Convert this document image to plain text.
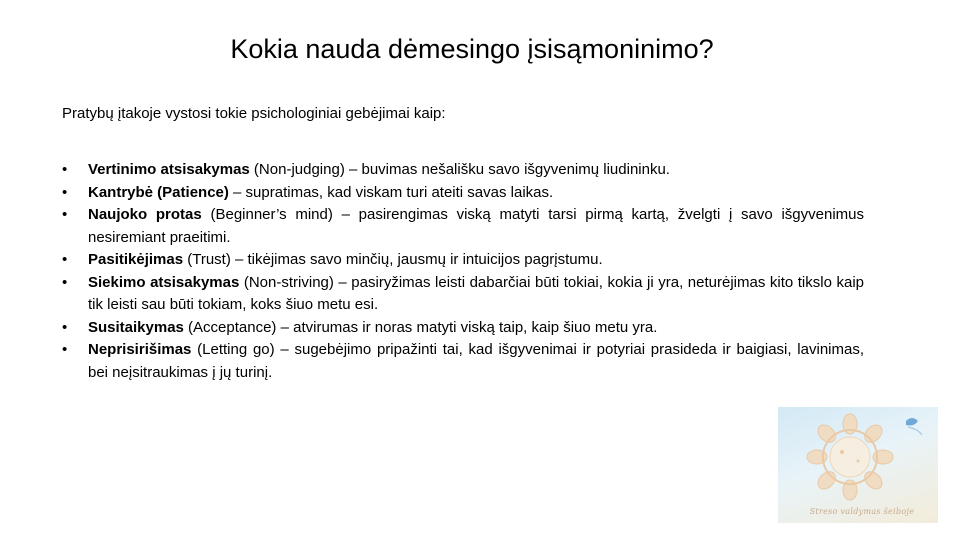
Kokia nauda dėmesingo įsisąmoninimo?
Pratybų įtakoje vystosi tokie psichologiniai gebėjimai kaip:
• Vertinimo atsisakymas (Non-judging) – buvimas nešališku savo išgyvenimų liudininku.
• Kantrybė (Patience) – supratimas, kad viskam turi ateiti savas laikas.
• Naujoko protas (Beginner’s mind) – pasirengimas viską matyti tarsi pirmą kartą, žvelgti į savo išgyvenimus nesiremiant praeitimi.
• Pasitikėjimas (Trust) – tikėjimas savo minčių, jausmų ir intuicijos pagrįstumu.
• Siekimo atsisakymas (Non-striving) – pasiryžimas leisti dabarčiai būti tokiai, kokia ji yra, neturėjimas kito tikslo kaip tik leisti sau būti tokiam, koks šiuo metu esi.
• Susitaikymas (Acceptance) – atvirumas ir noras matyti viską taip, kaip šiuo metu yra.
• Neprisirišimas (Letting go) – sugebėjimo pripažinti tai, kad išgyvenimai ir potyriai prasideda ir baigiasi, lavinimas, bei neįsitraukimas į jų turinį.
Streso valdymas šeiboje
